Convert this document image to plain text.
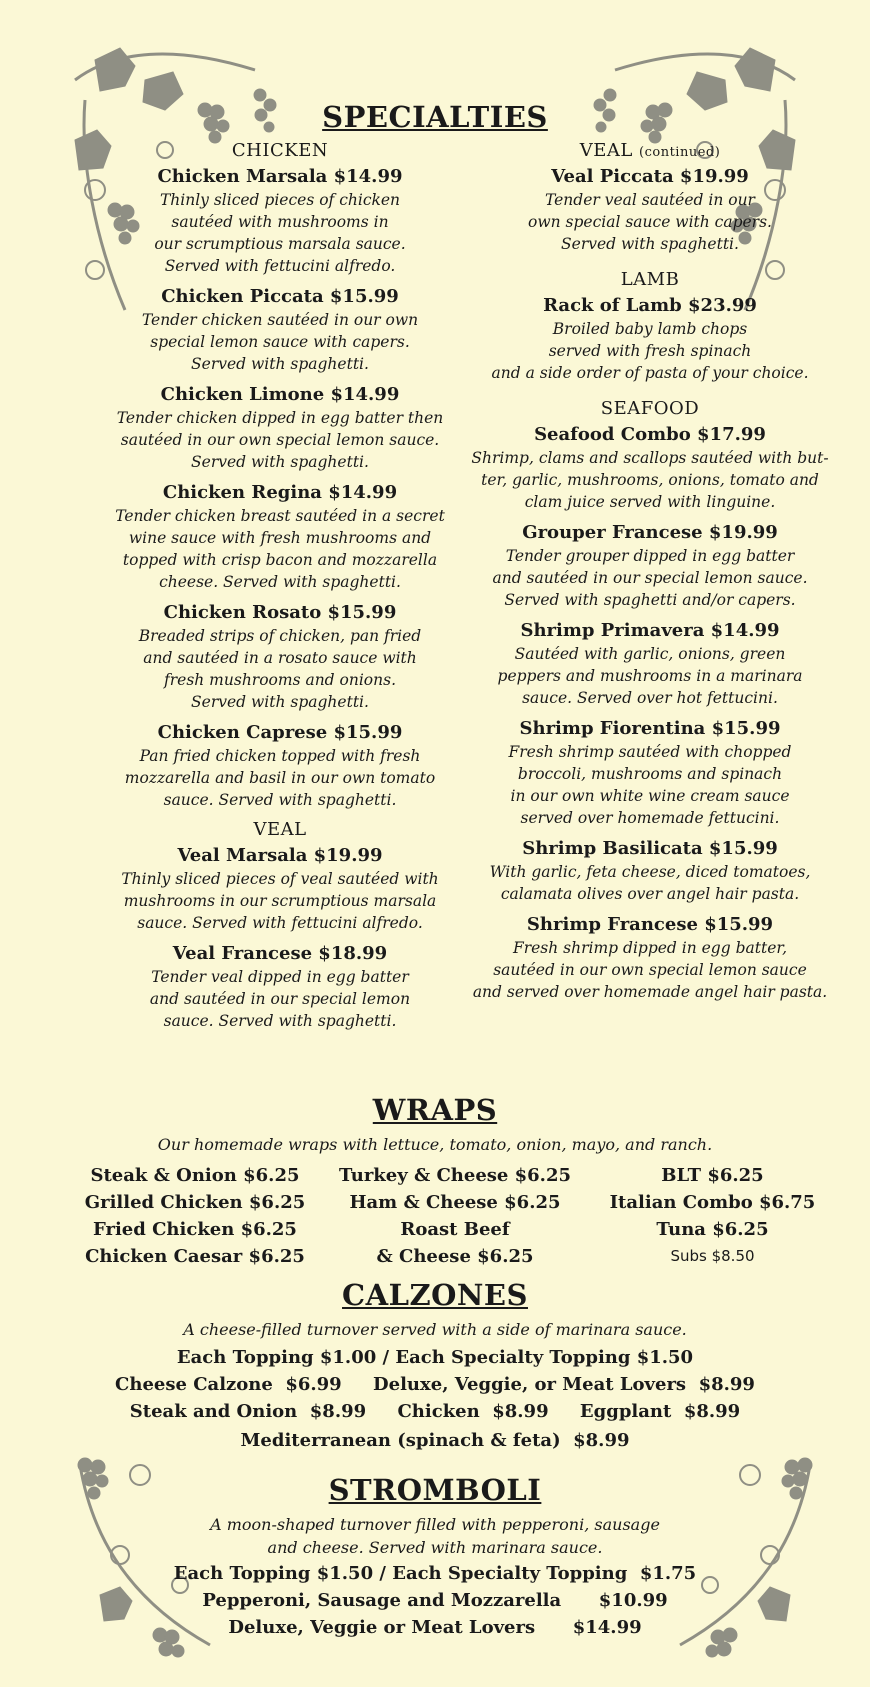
SPECIALTIES
CHICKEN
Chicken Marsala $14.99
Thinly sliced pieces of chicken
sautéed with mushrooms in
our scrumptious marsala sauce.
Served with fettucini alfredo.
Chicken Piccata $15.99
Tender chicken sautéed in our own
special lemon sauce with capers.
Served with spaghetti.
Chicken Limone $14.99
Tender chicken dipped in egg batter then
sautéed in our own special lemon sauce.
Served with spaghetti.
Chicken Regina $14.99
Tender chicken breast sautéed in a secret
wine sauce with fresh mushrooms and
topped with crisp bacon and mozzarella
cheese. Served with spaghetti.
Chicken Rosato $15.99
Breaded strips of chicken, pan fried
and sautéed in a rosato sauce with
fresh mushrooms and onions.
Served with spaghetti.
Chicken Caprese $15.99
Pan fried chicken topped with fresh
mozzarella and basil in our own tomato
sauce. Served with spaghetti.
VEAL
Veal Marsala $19.99
Thinly sliced pieces of veal sautéed with
mushrooms in our scrumptious marsala
sauce. Served with fettucini alfredo.
Veal Francese $18.99
Tender veal dipped in egg batter
and sautéed in our special lemon
sauce. Served with spaghetti.
VEAL (continued)
Veal Piccata $19.99
Tender veal sautéed in our
own special sauce with capers.
Served with spaghetti.
LAMB
Rack of Lamb $23.99
Broiled baby lamb chops
served with fresh spinach
and a side order of pasta of your choice.
SEAFOOD
Seafood Combo $17.99
Shrimp, clams and scallops sautéed with but-
ter, garlic, mushrooms, onions, tomato and
clam juice served with linguine.
Grouper Francese $19.99
Tender grouper dipped in egg batter
and sautéed in our special lemon sauce.
Served with spaghetti and/or capers.
Shrimp Primavera $14.99
Sautéed with garlic, onions, green
peppers and mushrooms in a marinara
sauce. Served over hot fettucini.
Shrimp Fiorentina $15.99
Fresh shrimp sautéed with chopped
broccoli, mushrooms and spinach
in our own white wine cream sauce
served over homemade fettucini.
Shrimp Basilicata $15.99
With garlic, feta cheese, diced tomatoes,
calamata olives over angel hair pasta.
Shrimp Francese $15.99
Fresh shrimp dipped in egg batter,
sautéed in our own special lemon sauce
and served over homemade angel hair pasta.
WRAPS
Our homemade wraps with lettuce, tomato, onion, mayo, and ranch.
Steak & Onion $6.25
Grilled Chicken $6.25
Fried Chicken $6.25
Chicken Caesar $6.25
Turkey & Cheese $6.25
Ham & Cheese $6.25
Roast Beef
& Cheese $6.25
BLT $6.25
Italian Combo $6.75
Tuna $6.25
Subs $8.50
CALZONES
A cheese-filled turnover served with a side of marinara sauce.
Each Topping $1.00 / Each Specialty Topping $1.50
Cheese Calzone  $6.99     Deluxe, Veggie, or Meat Lovers  $8.99
Steak and Onion  $8.99     Chicken  $8.99     Eggplant  $8.99
Mediterranean (spinach & feta)  $8.99
STROMBOLI
A moon-shaped turnover filled with pepperoni, sausage
and cheese. Served with marinara sauce.
Each Topping $1.50 / Each Specialty Topping  $1.75
Pepperoni, Sausage and Mozzarella      $10.99
Deluxe, Veggie or Meat Lovers      $14.99
